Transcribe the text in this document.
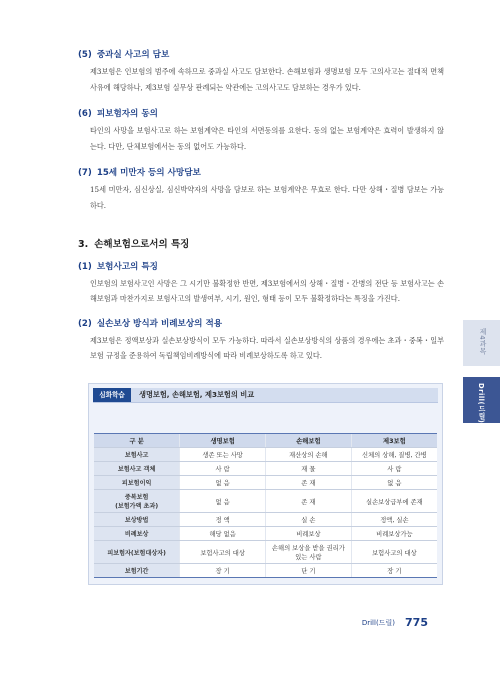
(5) 중과실 사고의 담보

제3보험은 인보험의 범주에 속하므로 중과실 사고도 담보한다. 손해보험과 생명보험 모두 고의사고는 절대적 면책사유에 해당하나, 제3보험 실무상 판례되는 약관에는 고의사고도 담보하는 경우가 있다.

(6) 피보험자의 동의

타인의 사망을 보험사고로 하는 보험계약은 타인의 서면동의를 요한다. 동의 없는 보험계약은 효력이 발생하지 않는다. 다만, 단체보험에서는 동의 없어도 가능하다.

(7) 15세 미만자 등의 사망담보

15세 미만자, 심신상실, 심신박약자의 사망을 담보로 하는 보험계약은 무효로 한다. 다만 상해・질병 담보는 가능하다.

3. 손해보험으로서의 특징
(1) 보험사고의 특징

인보험의 보험사고인 사망은 그 시기만 불확정한 반면, 제3보험에서의 상해・질병・간병의 전단 등 보험사고는 손해보험과 마찬가지로 보험사고의 발생여부, 시기, 원인, 형태 등이 모두 불확정하다는 특징을 가진다.

(2) 실손보상 방식과 비례보상의 적용

제3보험은 정액보상과 실손보상방식이 모두 가능하다. 따라서 실손보상방식의 상품의 경우에는 초과・중복・일부보험 규정을 준용하여 독립책임비례방식에 따라 비례보상하도록 하고 있다.

심화학습	생명보험, 손해보험, 제3보험의 비교
구 분	생명보험	손해보험	제3보험
보험사고	생존 또는 사망	재산상의 손해	신체의 상해, 질병, 간병
보험사고 객체	사 람	재 물	사 람
피보험이익	없 음	존 재	없 음
중복보험
(보험가액 초과)	없 음	존 재	실손보상급부에 존재
보상방법	정 액	실 손	정액, 실손
비례보상	해당 없음	비례보상	비례보상가능
피보험자(보험대상자)	보험사고의 대상	손해의 보상을 받을 권리가 있는 사람	보험사고의 대상
보험기간	장 기	단 기	장 기
제4과목
Drill(드릴)
Drill(드릴) 775
